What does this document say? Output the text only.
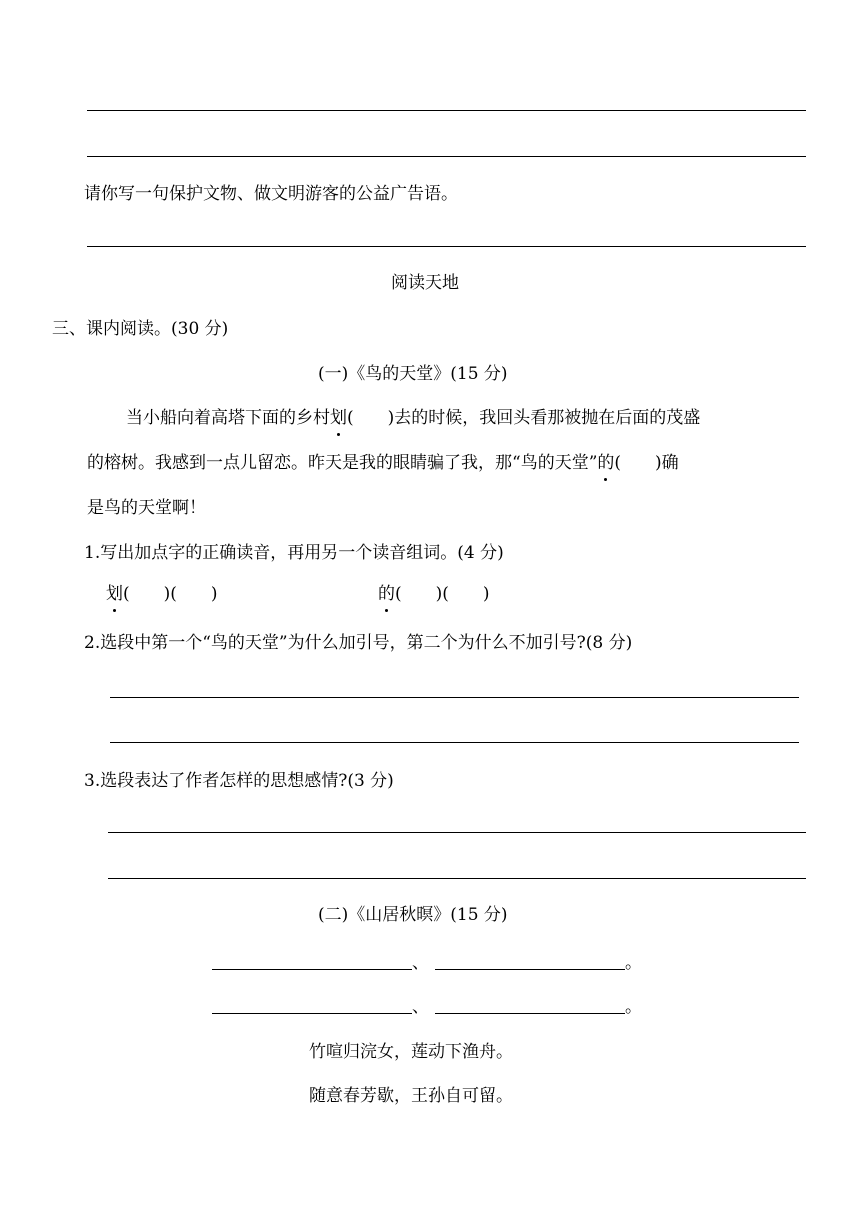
请你写一句保护文物、做文明游客的公益广告语。
阅读天地
三、课内阅读。(30 分)
(一)《鸟的天堂》(15 分)
当小船向着高塔下面的乡村划(　　)去的时候，我回头看那被抛在后面的茂盛
的榕树。我感到一点儿留恋。昨天是我的眼睛骗了我，那“鸟的天堂”的(　　)确
是鸟的天堂啊！
1.写出加点字的正确读音，再用另一个读音组词。(4 分)
划(　　)(　　)	的(　　)(　　)
2.选段中第一个“鸟的天堂”为什么加引号，第二个为什么不加引号?(8 分)
3.选段表达了作者怎样的思想感情?(3 分)
(二)《山居秋暝》(15 分)
、	。
、	。
竹喧归浣女，莲动下渔舟。
随意春芳歇，王孙自可留。
